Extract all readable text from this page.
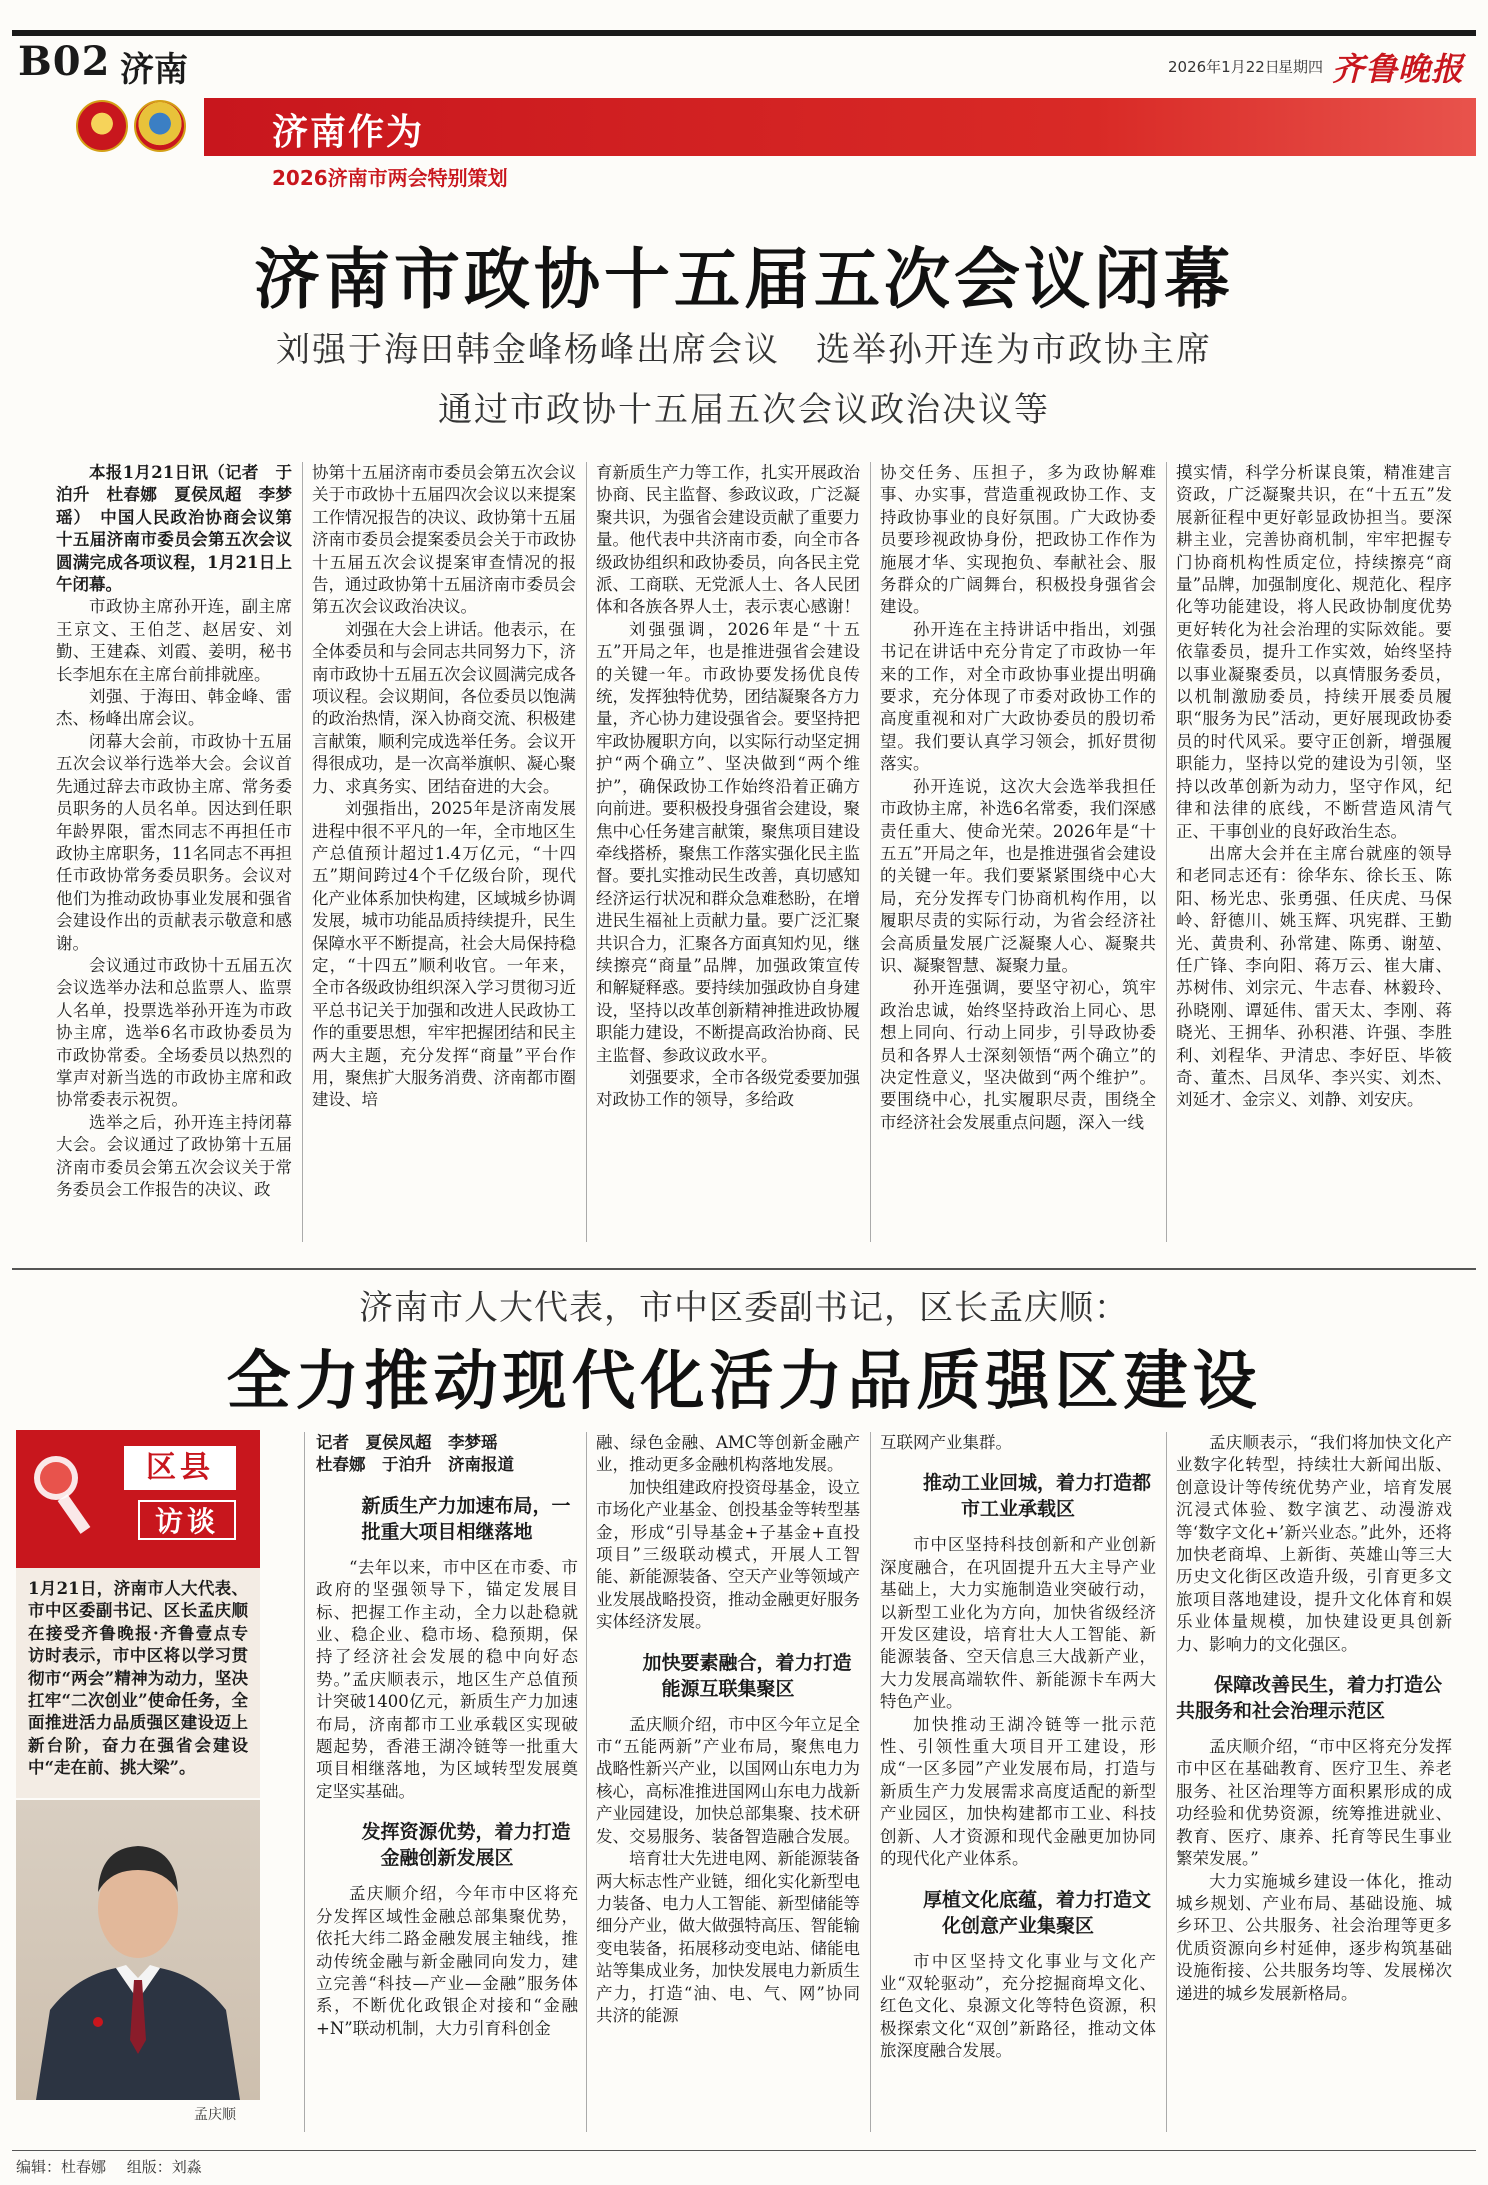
B02 济南	2026年1月22日
星期四 齐鲁晚报
济南作为
2026济南市两会特别策划
济南市政协十五届五次会议闭幕
刘强于海田韩金峰杨峰出席会议　选举孙开连为市政协主席
通过市政协十五届五次会议政治决议等

本报1月21日讯（记者　于泊升　杜春娜　夏侯凤超　李梦瑶）　中国人民政治协商会议第十五届济南市委员会第五次会议圆满完成各项议程，1月21日上午闭幕。

市政协主席孙开连，副主席王京文、王伯芝、赵居安、刘勤、王建森、刘霞、姜明，秘书长李旭东在主席台前排就座。

刘强、于海田、韩金峰、雷杰、杨峰出席会议。

闭幕大会前，市政协十五届五次会议举行选举大会。会议首先通过辞去市政协主席、常务委员职务的人员名单。因达到任职年龄界限，雷杰同志不再担任市政协主席职务，11名同志不再担任市政协常务委员职务。会议对他们为推动政协事业发展和强省会建设作出的贡献表示敬意和感谢。

会议通过市政协十五届五次会议选举办法和总监票人、监票人名单，投票选举孙开连为市政协主席，选举6名市政协委员为市政协常委。全场委员以热烈的掌声对新当选的市政协主席和政协常委表示祝贺。

选举之后，孙开连主持闭幕大会。会议通过了政协第十五届济南市委员会第五次会议关于常务委员会工作报告的决议、政

协第十五届济南市委员会第五次会议关于市政协十五届四次会议以来提案工作情况报告的决议、政协第十五届济南市委员会提案委员会关于市政协十五届五次会议提案审查情况的报告，通过政协第十五届济南市委员会第五次会议政治决议。

刘强在大会上讲话。他表示，在全体委员和与会同志共同努力下，济南市政协十五届五次会议圆满完成各项议程。会议期间，各位委员以饱满的政治热情，深入协商交流、积极建言献策，顺利完成选举任务。会议开得很成功，是一次高举旗帜、凝心聚力、求真务实、团结奋进的大会。

刘强指出，2025年是济南发展进程中很不平凡的一年，全市地区生产总值预计超过1.4万亿元，“十四五”期间跨过4个千亿级台阶，现代化产业体系加快构建，区域城乡协调发展，城市功能品质持续提升，民生保障水平不断提高，社会大局保持稳定，“十四五”顺利收官。一年来，全市各级政协组织深入学习贯彻习近平总书记关于加强和改进人民政协工作的重要思想，牢牢把握团结和民主两大主题，充分发挥“商量”平台作用，聚焦扩大服务消费、济南都市圈建设、培

育新质生产力等工作，扎实开展政治协商、民主监督、参政议政，广泛凝聚共识，为强省会建设贡献了重要力量。他代表中共济南市委，向全市各级政协组织和政协委员，向各民主党派、工商联、无党派人士、各人民团体和各族各界人士，表示衷心感谢！

刘强强调，2026年是“十五五”开局之年，也是推进强省会建设的关键一年。市政协要发扬优良传统，发挥独特优势，团结凝聚各方力量，齐心协力建设强省会。要坚持把牢政协履职方向，以实际行动坚定拥护“两个确立”、坚决做到“两个维护”，确保政协工作始终沿着正确方向前进。要积极投身强省会建设，聚焦中心任务建言献策，聚焦项目建设牵线搭桥，聚焦工作落实强化民主监督。要扎实推动民生改善，真切感知经济运行状况和群众急难愁盼，在增进民生福祉上贡献力量。要广泛汇聚共识合力，汇聚各方面真知灼见，继续擦亮“商量”品牌，加强政策宣传和解疑释惑。要持续加强政协自身建设，坚持以改革创新精神推进政协履职能力建设，不断提高政治协商、民主监督、参政议政水平。

刘强要求，全市各级党委要加强对政协工作的领导，多给政

协交任务、压担子，多为政协解难事、办实事，营造重视政协工作、支持政协事业的良好氛围。广大政协委员要珍视政协身份，把政协工作作为施展才华、实现抱负、奉献社会、服务群众的广阔舞台，积极投身强省会建设。

孙开连在主持讲话中指出，刘强书记在讲话中充分肯定了市政协一年来的工作，对全市政协事业提出明确要求，充分体现了市委对政协工作的高度重视和对广大政协委员的殷切希望。我们要认真学习领会，抓好贯彻落实。

孙开连说，这次大会选举我担任市政协主席，补选6名常委，我们深感责任重大、使命光荣。2026年是“十五五”开局之年，也是推进强省会建设的关键一年。我们要紧紧围绕中心大局，充分发挥专门协商机构作用，以履职尽责的实际行动，为省会经济社会高质量发展广泛凝聚人心、凝聚共识、凝聚智慧、凝聚力量。

孙开连强调，要坚守初心，筑牢政治忠诚，始终坚持政治上同心、思想上同向、行动上同步，引导政协委员和各界人士深刻领悟“两个确立”的决定性意义，坚决做到“两个维护”。要围绕中心，扎实履职尽责，围绕全市经济社会发展重点问题，深入一线

摸实情，科学分析谋良策，精准建言资政，广泛凝聚共识，在“十五五”发展新征程中更好彰显政协担当。要深耕主业，完善协商机制，牢牢把握专门协商机构性质定位，持续擦亮“商量”品牌，加强制度化、规范化、程序化等功能建设，将人民政协制度优势更好转化为社会治理的实际效能。要依靠委员，提升工作实效，始终坚持以事业凝聚委员，以真情服务委员，以机制激励委员，持续开展委员履职“服务为民”活动，更好展现政协委员的时代风采。要守正创新，增强履职能力，坚持以党的建设为引领，坚持以改革创新为动力，坚守作风，纪律和法律的底线，不断营造风清气正、干事创业的良好政治生态。

出席大会并在主席台就座的领导和老同志还有：徐华东、徐长玉、陈阳、杨光忠、张勇强、任庆虎、马保岭、舒德川、姚玉辉、巩宪群、王勤光、黄贵利、孙常建、陈勇、谢堃、任广锋、李向阳、蒋万云、崔大庸、苏树伟、刘宗元、牛志春、林毅玲、孙晓刚、谭延伟、雷天太、李刚、蒋晓光、王拥华、孙积港、许强、李胜利、刘程华、尹清忠、李好臣、毕筱奇、董杰、吕凤华、李兴实、刘杰、刘延才、金宗义、刘静、刘安庆。

济南市人大代表，市中区委副书记，区长孟庆顺：
全力推动现代化活力品质强区建设
区县
访谈
1月21日，济南市人大代表、市中区委副书记、区长孟庆顺在接受齐鲁晚报·齐鲁壹点专访时表示，市中区将以学习贯彻市“两会”精神为动力，坚决扛牢“二次创业”使命任务，全面推进活力品质强区建设迈上新台阶，奋力在强省会建设中“走在前、挑大梁”。
孟庆顺

记者　夏侯凤超　李梦瑶

杜春娜　于泊升　济南报道

新质生产力加速布局，一批重大项目相继落地

“去年以来，市中区在市委、市政府的坚强领导下，锚定发展目标、把握工作主动，全力以赴稳就业、稳企业、稳市场、稳预期，保持了经济社会发展的稳中向好态势。”孟庆顺表示，地区生产总值预计突破1400亿元，新质生产力加速布局，济南都市工业承载区实现破题起势，香港王湖冷链等一批重大项目相继落地，为区域转型发展奠定坚实基础。

发挥资源优势，着力打造金融创新发展区

孟庆顺介绍，今年市中区将充分发挥区域性金融总部集聚优势，依托大纬二路金融发展主轴线，推动传统金融与新金融同向发力，建立完善“科技—产业—金融”服务体系，不断优化政银企对接和“金融+N”联动机制，大力引育科创金

融、绿色金融、AMC等创新金融产业，推动更多金融机构落地发展。

加快组建政府投资母基金，设立市场化产业基金、创投基金等转型基金，形成“引导基金+子基金+直投项目”三级联动模式，开展人工智能、新能源装备、空天产业等领域产业发展战略投资，推动金融更好服务实体经济发展。

加快要素融合，着力打造能源互联集聚区

孟庆顺介绍，市中区今年立足全市“五能两新”产业布局，聚焦电力战略性新兴产业，以国网山东电力为核心，高标准推进国网山东电力战新产业园建设，加快总部集聚、技术研发、交易服务、装备智造融合发展。

培育壮大先进电网、新能源装备两大标志性产业链，细化实化新型电力装备、电力人工智能、新型储能等细分产业，做大做强特高压、智能输变电装备，拓展移动变电站、储能电站等集成业务，加快发展电力新质生产力，打造“油、电、气、网”协同共济的能源

互联网产业集群。

推动工业回城，着力打造都市工业承载区

市中区坚持科技创新和产业创新深度融合，在巩固提升五大主导产业基础上，大力实施制造业突破行动，以新型工业化为方向，加快省级经济开发区建设，培育壮大人工智能、新能源装备、空天信息三大战新产业，大力发展高端软件、新能源卡车两大特色产业。

加快推动王湖冷链等一批示范性、引领性重大项目开工建设，形成“一区多园”产业发展布局，打造与新质生产力发展需求高度适配的新型产业园区，加快构建都市工业、科技创新、人才资源和现代金融更加协同的现代化产业体系。

厚植文化底蕴，着力打造文化创意产业集聚区

市中区坚持文化事业与文化产业“双轮驱动”，充分挖掘商埠文化、红色文化、泉源文化等特色资源，积极探索文化“双创”新路径，推动文体旅深度融合发展。

孟庆顺表示，“我们将加快文化产业数字化转型，持续壮大新闻出版、创意设计等传统优势产业，培育发展沉浸式体验、数字演艺、动漫游戏等‘数字文化+’新兴业态。”此外，还将加快老商埠、上新街、英雄山等三大历史文化街区改造升级，引育更多文旅项目落地建设，提升文化体育和娱乐业体量规模，加快建设更具创新力、影响力的文化强区。

保障改善民生，着力打造公共服务和社会治理示范区

孟庆顺介绍，“市中区将充分发挥市中区在基础教育、医疗卫生、养老服务、社区治理等方面积累形成的成功经验和优势资源，统筹推进就业、教育、医疗、康养、托育等民生事业繁荣发展。”

大力实施城乡建设一体化，推动城乡规划、产业布局、基础设施、城乡环卫、公共服务、社会治理等更多优质资源向乡村延伸，逐步构筑基础设施衔接、公共服务均等、发展梯次递进的城乡发展新格局。

编辑：杜春娜 组版：刘淼
